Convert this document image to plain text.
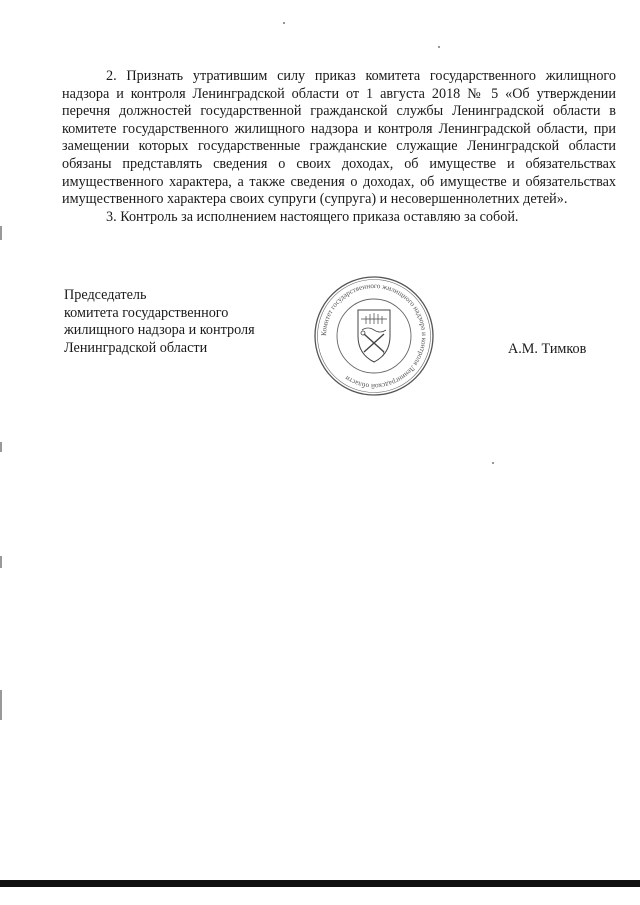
2. Признать утратившим силу приказ комитета государственного жилищного надзора и контроля Ленинградской области от 1 августа 2018 № 5 «Об утверждении перечня должностей государственной гражданской службы Ленинградской области в комитете государственного жилищного надзора и контроля Ленинградской области, при замещении которых государственные гражданские служащие Ленинградской области обязаны представлять сведения о своих доходах, об имуществе и обязательствах имущественного характера, а также сведения о доходах, об имуществе и обязательствах имущественного характера своих супруги (супруга) и несовершеннолетних детей».

3. Контроль за исполнением настоящего приказа оставляю за собой.

Председатель
комитета государственного
жилищного надзора и контроля
Ленинградской области
Комитет государственного жилищного надзора и контроля Ленинградской области
А.М. Тимков
